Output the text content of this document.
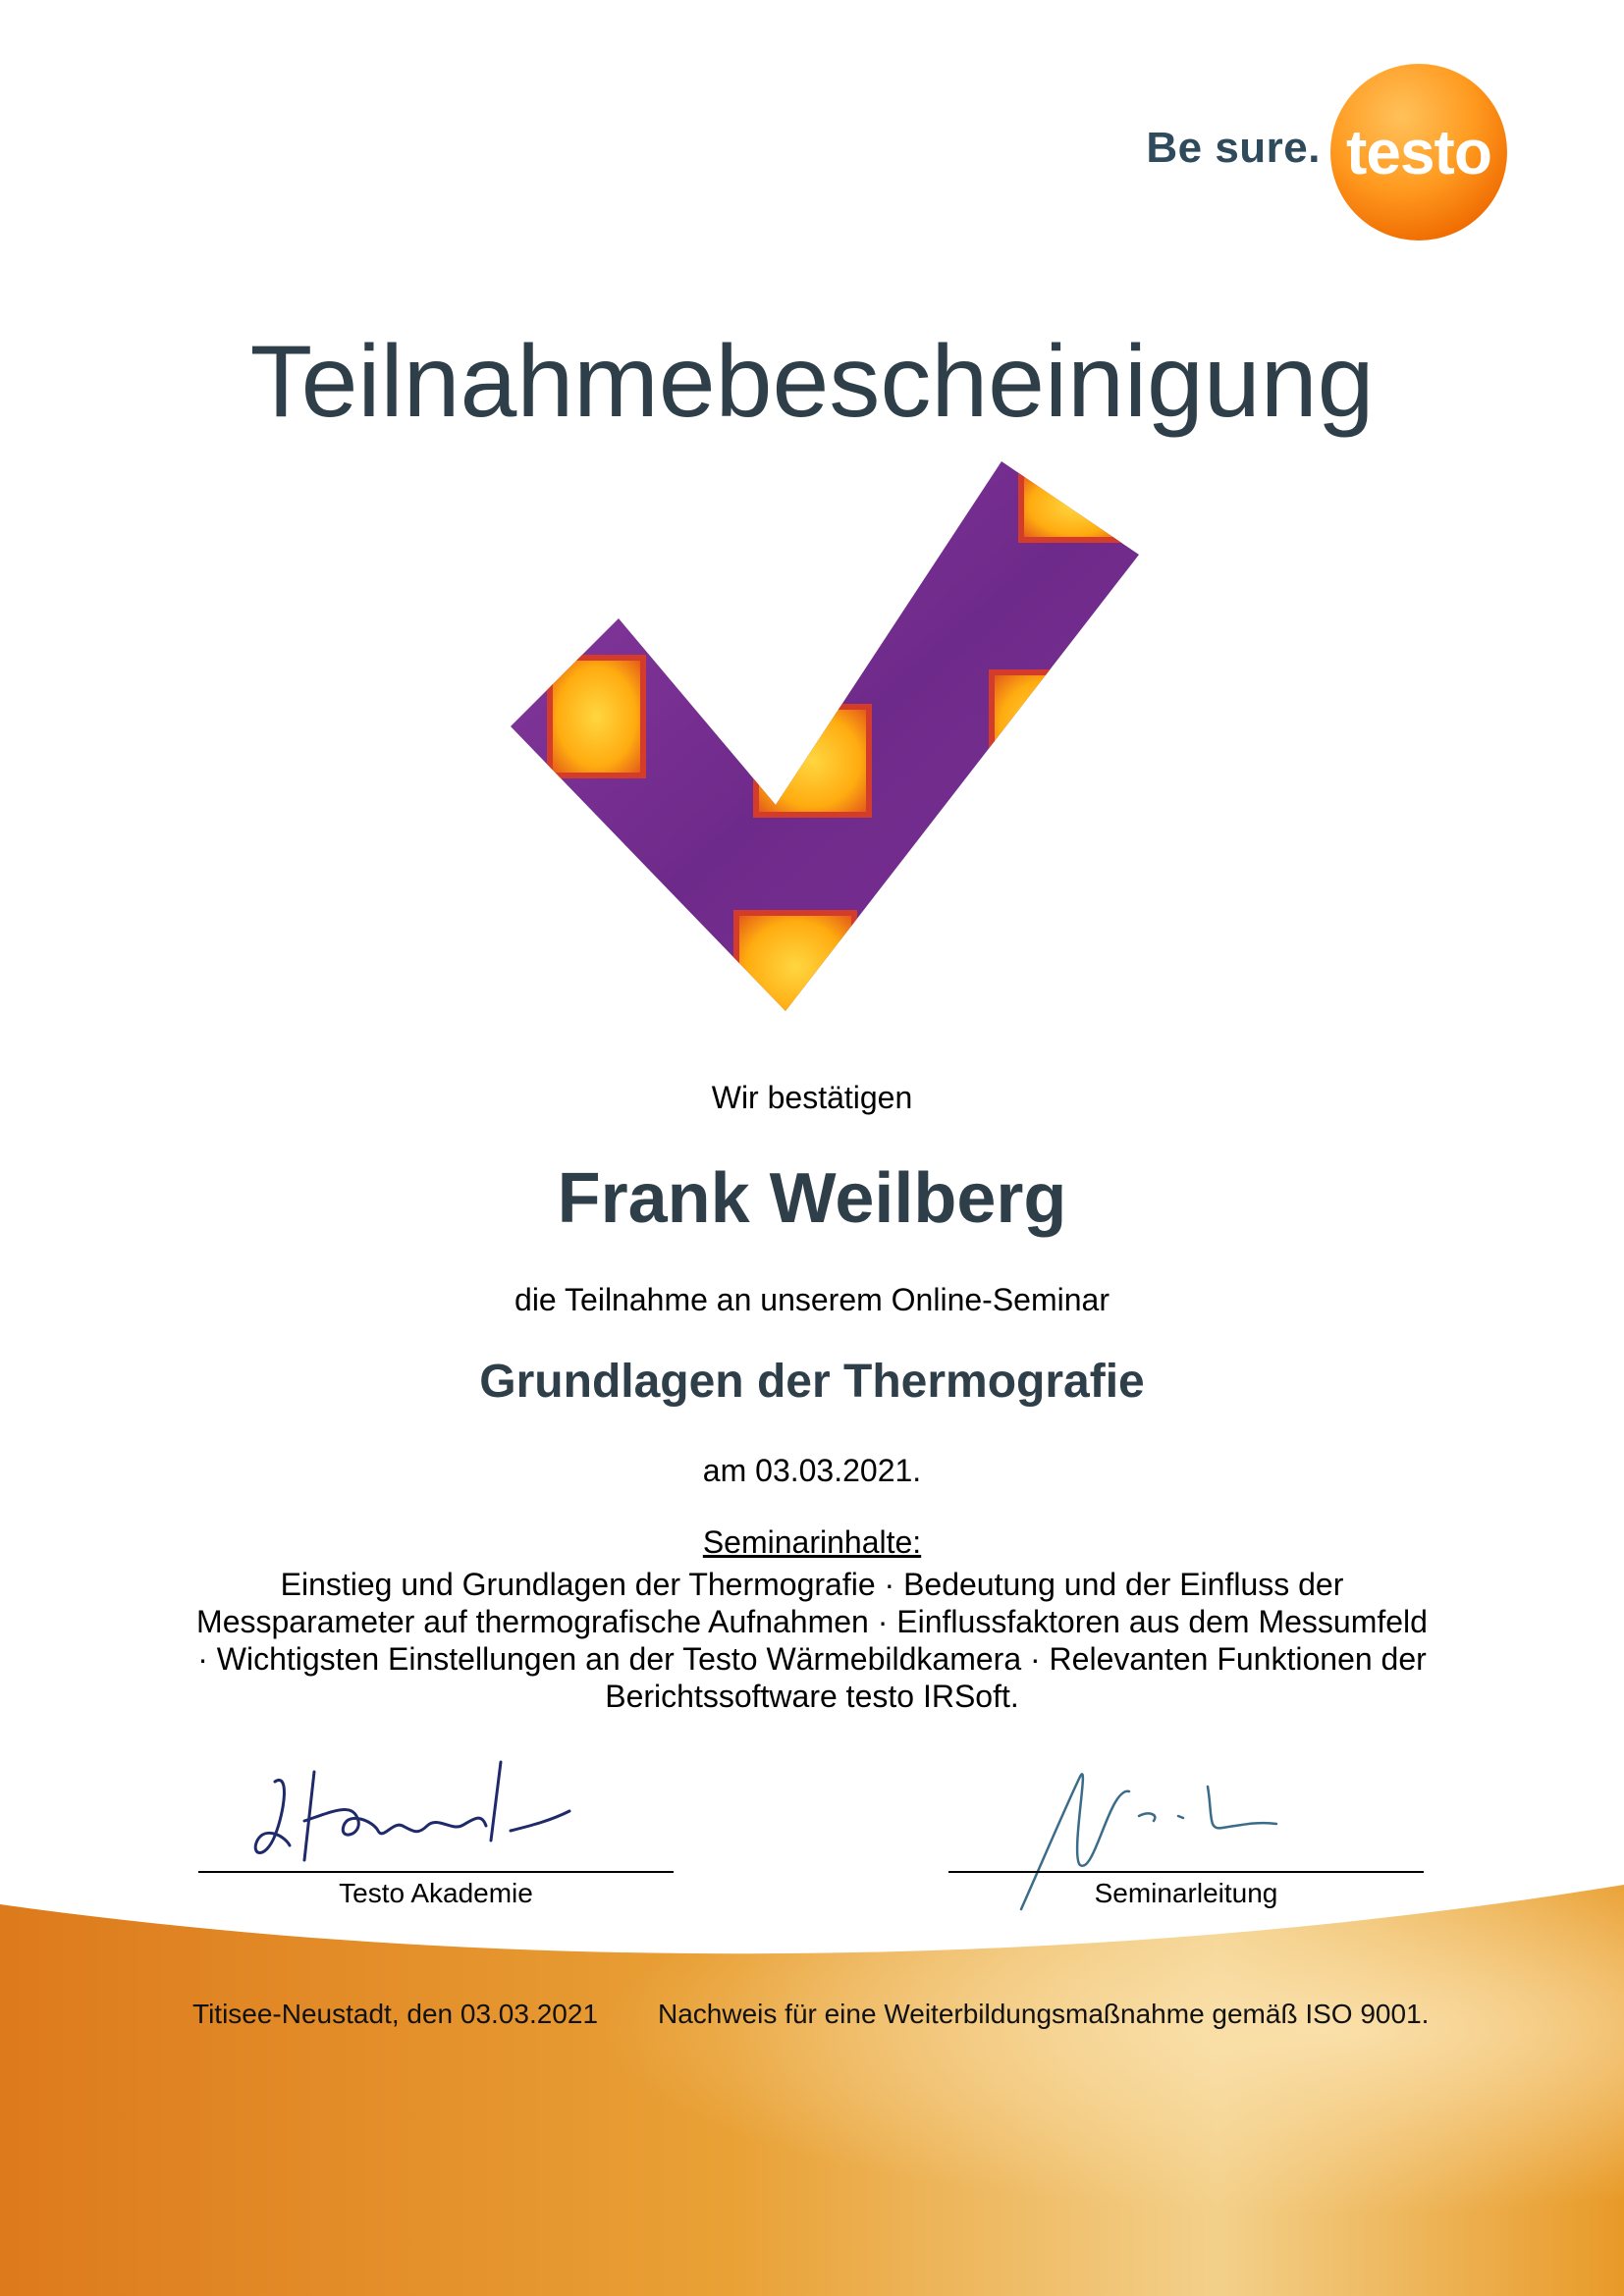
Be sure. testo
Teilnahmebescheinigung
Wir bestätigen
Frank Weilberg
die Teilnahme an unserem Online-Seminar
Grundlagen der Thermografie
am 03.03.2021.
Seminarinhalte:
Einstieg und Grundlagen der Thermografie · Bedeutung und der Einfluss der Messparameter auf thermografische Aufnahmen · Einflussfaktoren aus dem Messumfeld · Wichtigsten Einstellungen an der Testo Wärmebildkamera · Relevanten Funktionen der Berichtssoftware testo IRSoft.
Testo Akademie	Seminarleitung
Titisee-Neustadt, den 03.03.2021 Nachweis für eine Weiterbildungsmaßnahme gemäß ISO 9001.
